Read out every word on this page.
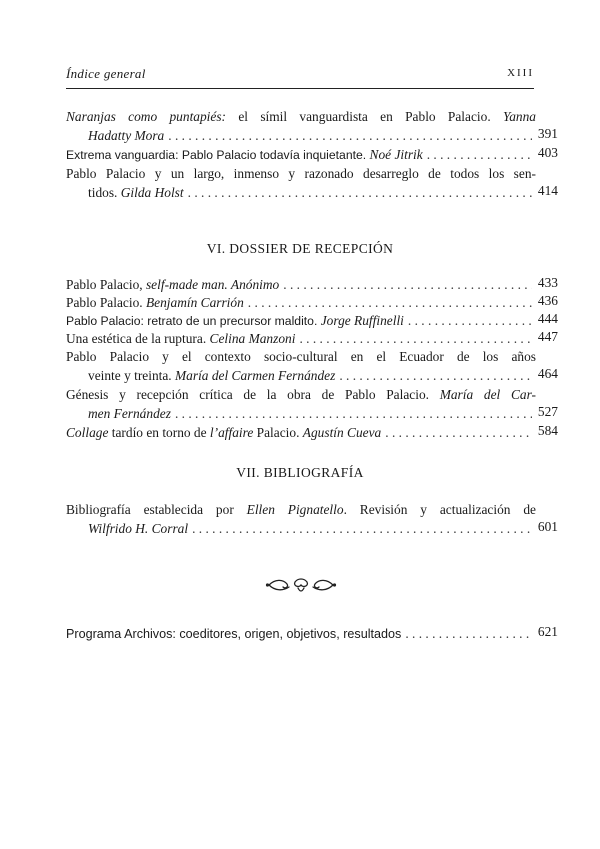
Índice general	XIII
Naranjas como puntapiés: el símil vanguardista en Pablo Palacio. Yanna
Hadatty Mora . . .	391
Extrema vanguardia: Pablo Palacio todavía inquietante. Noé Jitrik . . .	403
Pablo Palacio y un largo, inmenso y razonado desarreglo de todos los sen-
tidos. Gilda Holst . . .	414
VI. DOSSIER DE RECEPCIÓN
Pablo Palacio, self-made man. Anónimo . . .	433
Pablo Palacio. Benjamín Carrión . . .	436
Pablo Palacio: retrato de un precursor maldito. Jorge Ruffinelli . . .	444
Una estética de la ruptura. Celina Manzoni . . .	447
Pablo Palacio y el contexto socio-cultural en el Ecuador de los años
veinte y treinta. María del Carmen Fernández . . .	464
Génesis y recepción crítica de la obra de Pablo Palacio. María del Car-
men Fernández . . .	527
Collage tardío en torno de l’affaire Palacio. Agustín Cueva . . .	584
VII. BIBLIOGRAFÍA
Bibliografía establecida por Ellen Pignatello. Revisión y actualización de
Wilfrido H. Corral . . .	601
Programa Archivos: coeditores, origen, objetivos, resultados . . .	621
